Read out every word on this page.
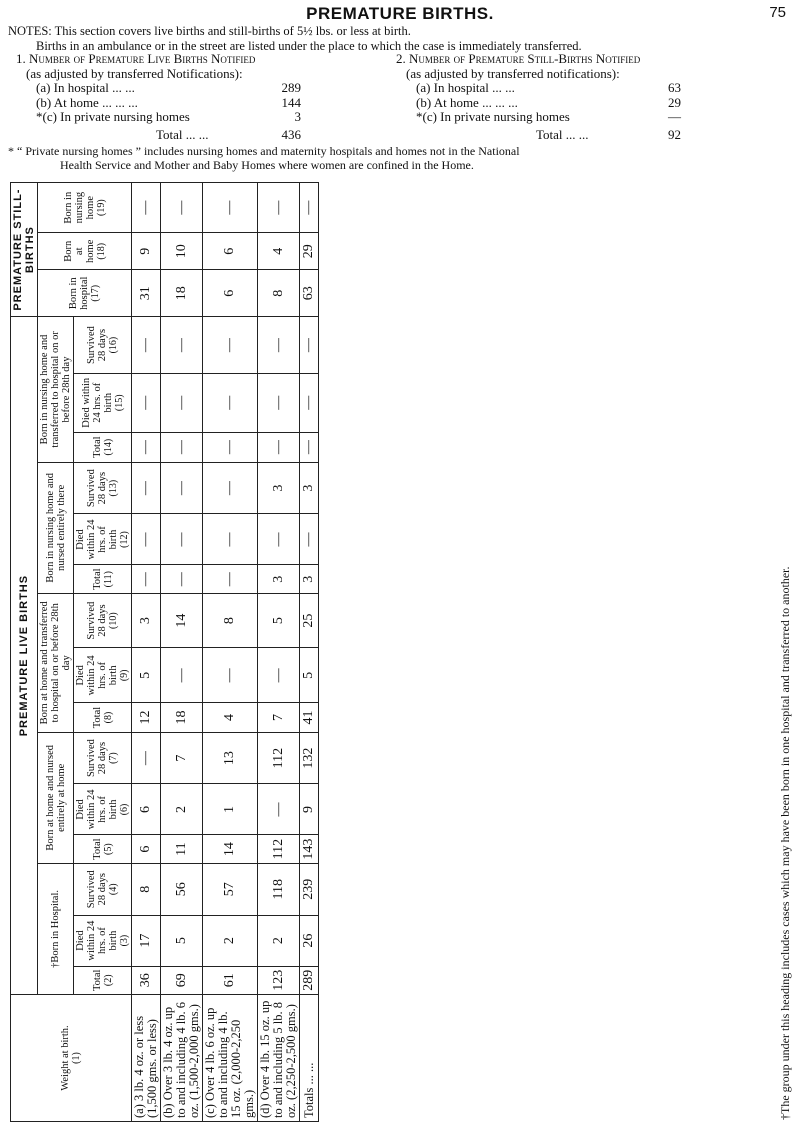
PREMATURE BIRTHS.	75

NOTES: This section covers live births and still-births of 5½ lbs. or less at birth.

Births in an ambulance or in the street are listed under the place to which the case is immediately transferred.

1. Number of Premature Live Births Notified
(as adjusted by transferred Notifications):
(a) In hospital ... ...	289
(b) At home ... ... ...	144
*(c) In private nursing homes	3
Total ... ...	436
2. Number of Premature Still-Births Notified
(as adjusted by transferred notifications):
(a) In hospital ... ...	63
(b) At home ... ... ...	29
*(c) In private nursing homes	—
Total ... ...	92
* “ Private nursing homes ” includes nursing homes and maternity hospitals and homes not in the National
Health Service and Mother and Baby Homes where women are confined in the Home.
Weight at birth. (1)	PREMATURE LIVE BIRTHS															PREMATURE STILL-BIRTHS		
	†Born in Hospital.			Born at home and nursed entirely at home			Born at home and transferred to hospital on or before 28th day			Born in nursing home and nursed entirely there			Born in nursing home and transferred to hospital on or before 28th day			Born in hospital (17)	Born at home (18)	Born in nursing home (19)

	Total (2)	Died within 24 hrs. of birth (3)	Survived 28 days (4)	Total (5)	Died within 24 hrs. of birth (6)	Survived 28 days (7)	Total (8)	Died within 24 hrs. of birth (9)	Survived 28 days (10)	Total (11)	Died within 24 hrs. of birth (12)	Survived 28 days (13)	Total (14)	Died within 24 hrs. of birth (15)	Survived 28 days (16)			

(a) 3 lb. 4 oz. or less (1,500 gms. or less)	36	17	8	6	6	—	12	5	3	—	—	—	—	—	—	31	9	—
(b) Over 3 lb. 4 oz. up to and including 4 lb. 6 oz. (1,500-2,000 gms.)	69	5	56	11	2	7	18	—	14	—	—	—	—	—	—	18	10	—
(c) Over 4 lb. 6 oz. up to and including 4 lb. 15 oz. (2,000-2,250 gms.)	61	2	57	14	1	13	4	—	8	—	—	—	—	—	—	6	6	—
(d) Over 4 lb. 15 oz. up to and including 5 lb. 8 oz. (2,250-2,500 gms.)	123	2	118	112	—	112	7	—	5	3	—	3	—	—	—	8	4	—
Totals ... ...	289	26	239	143	9	132	41	5	25	3	—	3	—	—	—	63	29	—
†The group under this heading includes cases which may have been born in one hospital and transferred to another.
